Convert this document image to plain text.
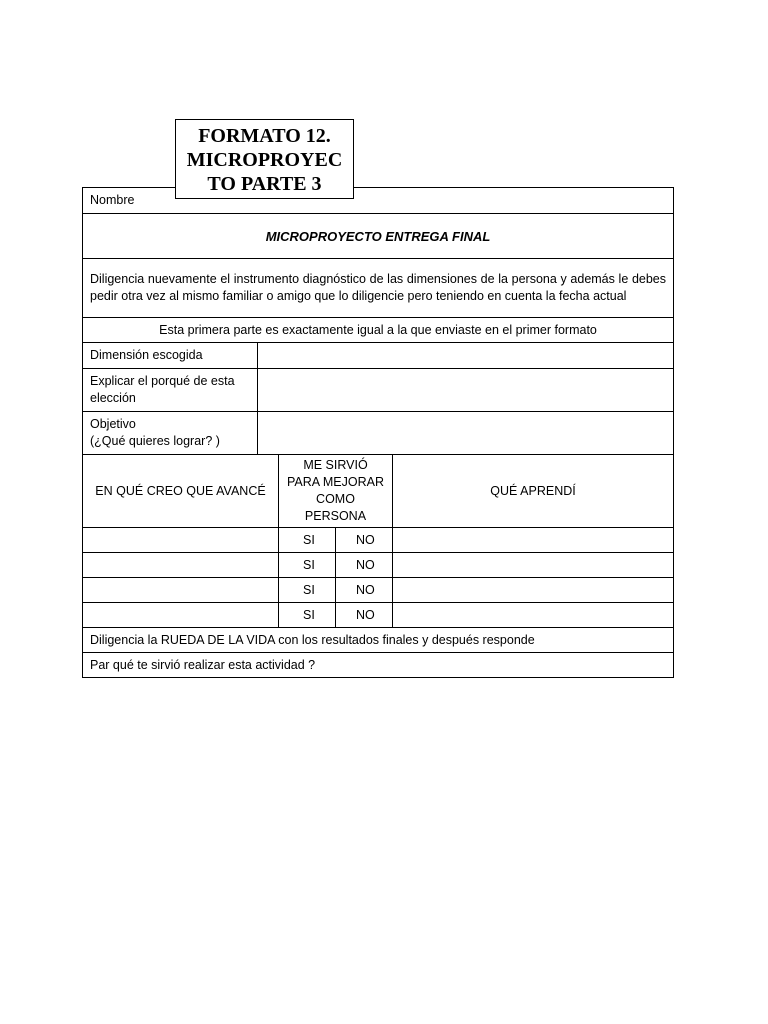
FORMATO 12.
MICROPROYEC
TO PARTE 3
Nombre				
MICROPROYECTO ENTREGA FINAL				
Diligencia nuevamente el instrumento diagnóstico de las dimensiones de la persona y además le debes pedir otra vez al mismo familiar o amigo que lo diligencie pero teniendo en cuenta la fecha actual				
Esta primera parte es exactamente igual a la que enviaste en el primer formato				
Dimensión escogida				
Explicar el porqué de esta elección				

Objetivo
(¿Qué quieres lograr? )				

EN QUÉ CREO QUE AVANCÉ		ME SIRVIÓ PARA MEJORAR COMO PERSONA		QUÉ APRENDÍ
		SI	NO	
		SI	NO	
		SI	NO	
		SI	NO	
Diligencia la RUEDA DE LA VIDA con los resultados finales y después responde				
Par qué te sirvió realizar esta actividad ?				
